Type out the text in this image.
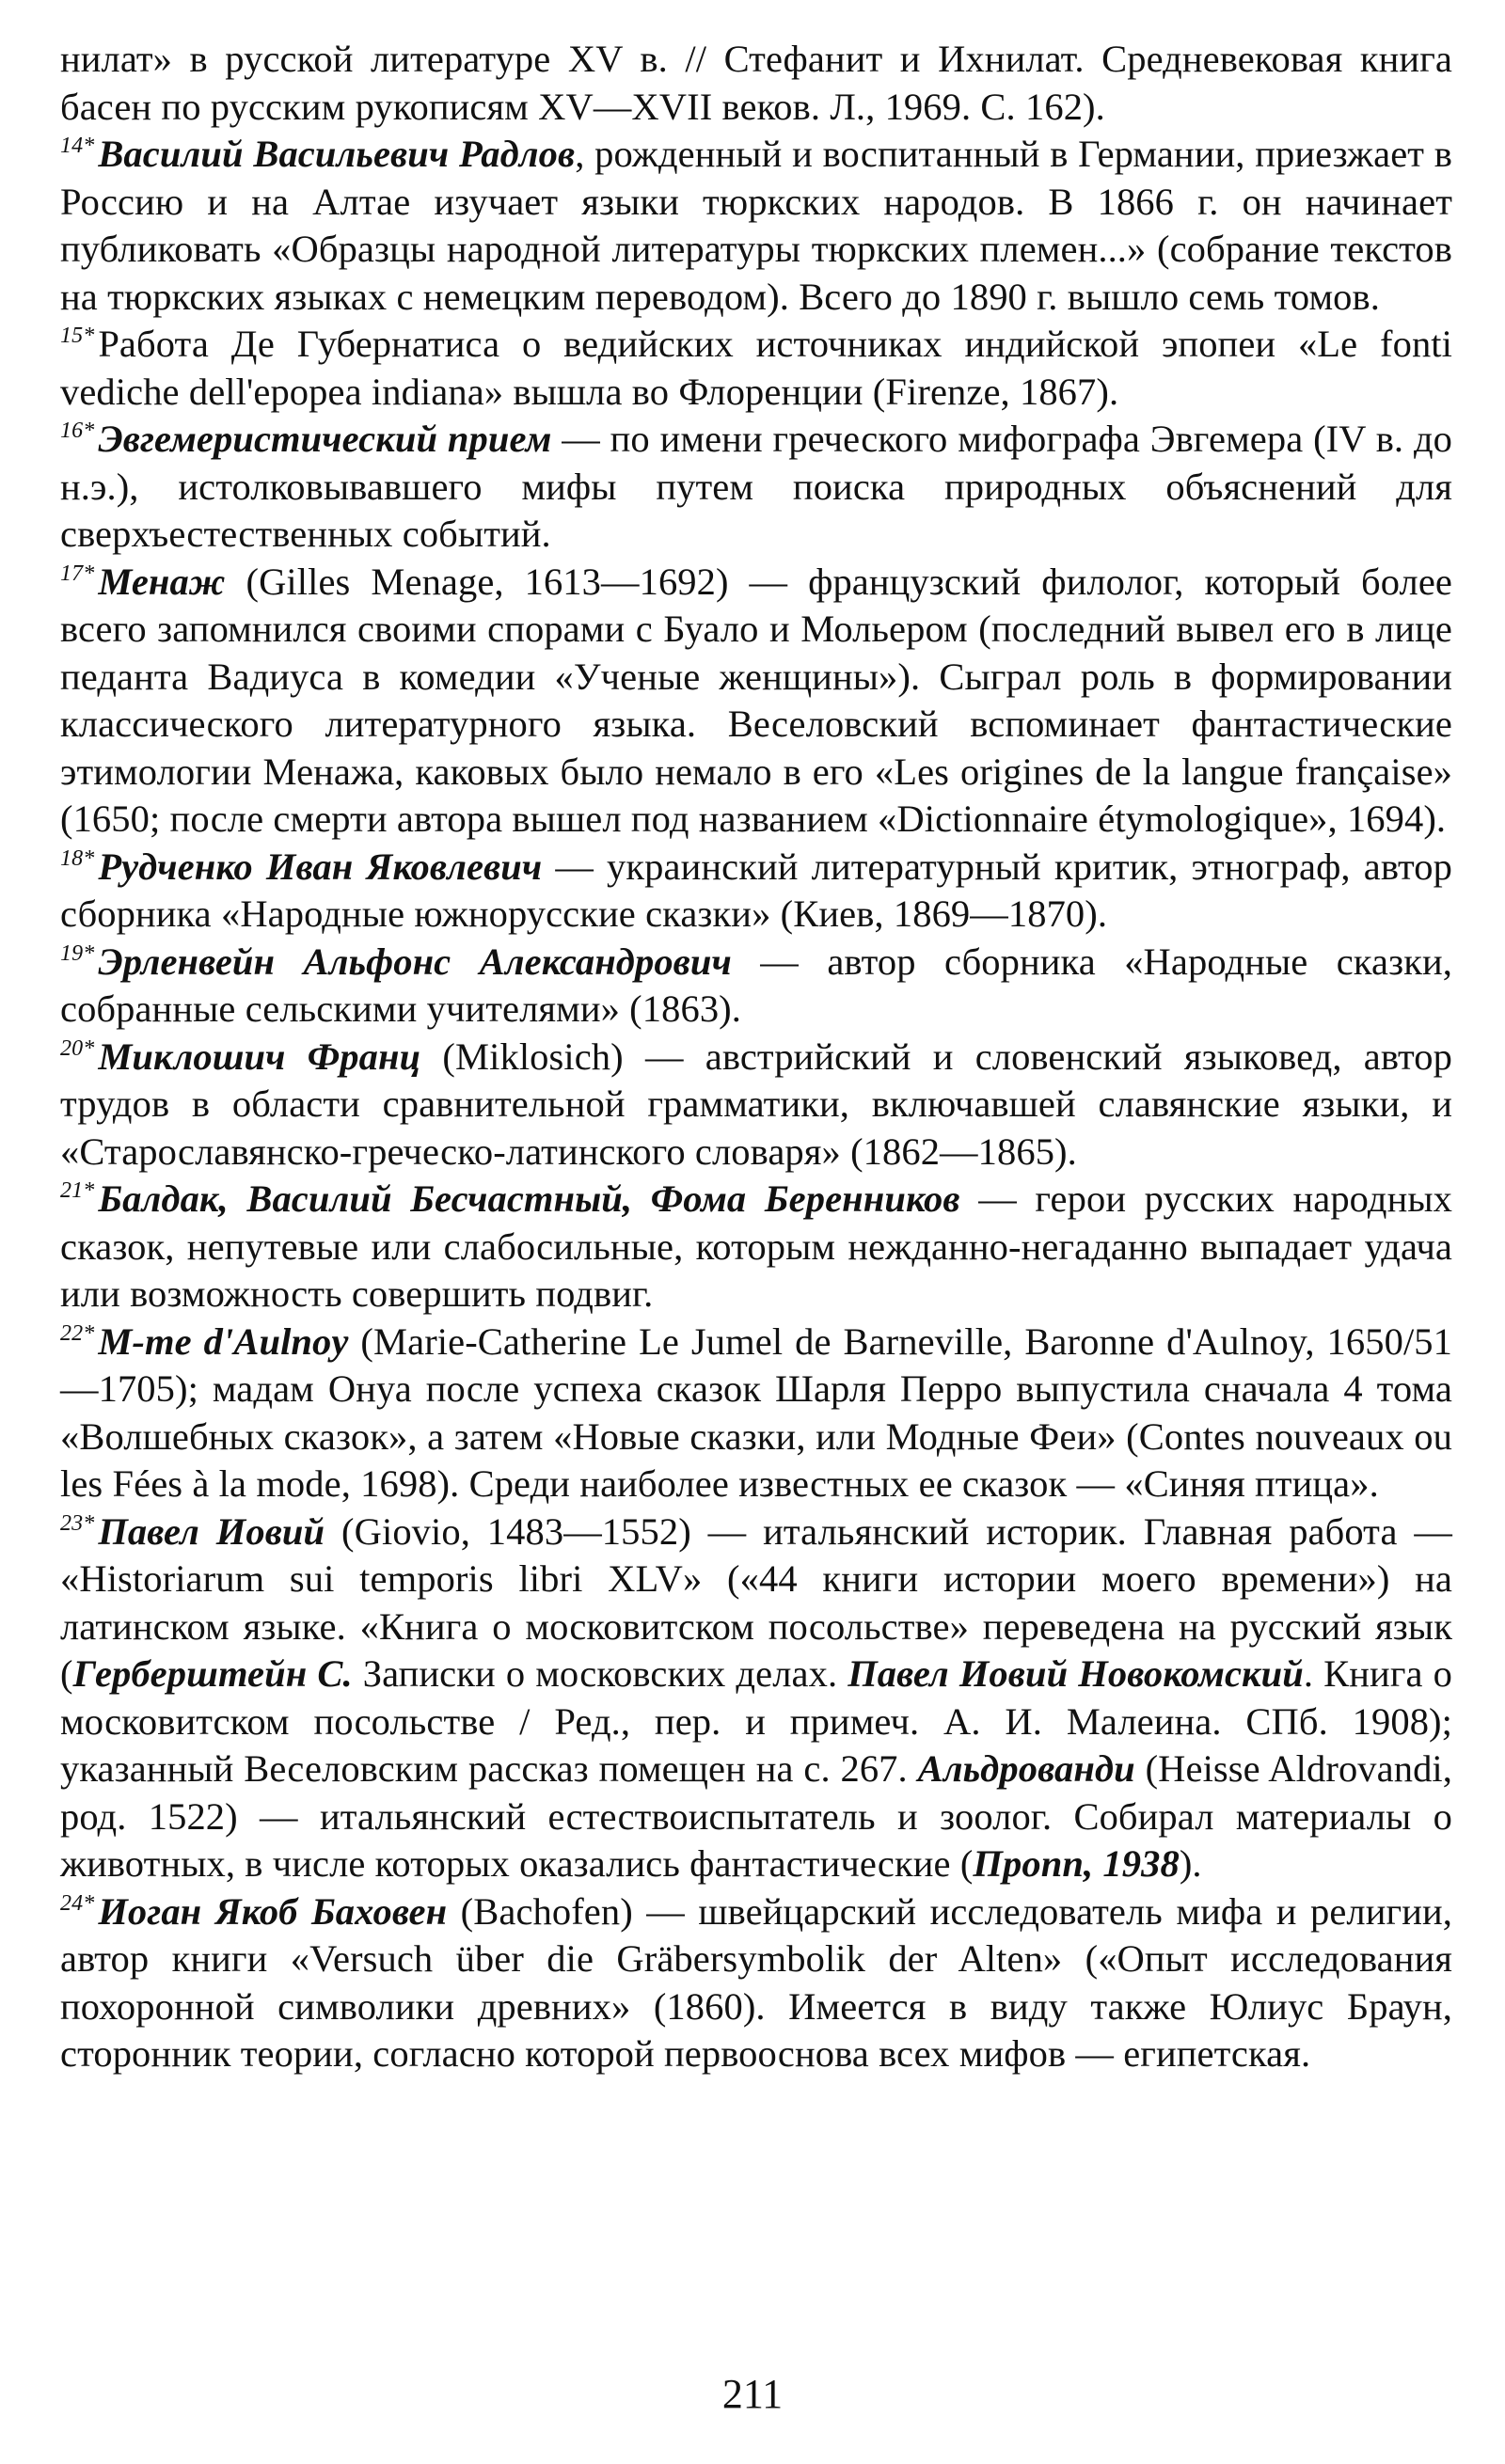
нилат» в русской литературе XV в. // Стефанит и Ихнилат. Средневековая книга басен по русским рукописям XV—XVII веков. Л., 1969. С. 162).

$^{14*}$Василий Васильевич Радлов, рожденный и воспитанный в Германии, приезжает в Россию и на Алтае изучает языки тюркских народов. В 1866 г. он начинает публиковать «Образцы народной литературы тюркских племен...» (собрание текстов на тюркских языках с немецким переводом). Всего до 1890 г. вышло семь томов.

$^{15*}$Работа Де Губернатиса о ведийских источниках индийской эпопеи «Le fonti vediche dell'epopea indiana» вышла во Флоренции (Firenze, 1867).

$^{16*}$Эвгемеристический прием — по имени греческого мифографа Эвгемера (IV в. до н.э.), истолковывавшего мифы путем поиска природных объяснений для сверхъестественных событий.

$^{17*}$Менаж (Gilles Menage, 1613—1692) — французский филолог, который более всего запомнился своими спорами с Буало и Мольером (последний вывел его в лице педанта Вадиуса в комедии «Ученые женщины»). Сыграл роль в формировании классического литературного языка. Веселовский вспоминает фантастические этимологии Менажа, каковых было немало в его «Les origines de la langue française» (1650; после смерти автора вышел под названием «Dictionnaire étymologique», 1694).

$^{18*}$Рудченко Иван Яковлевич — украинский литературный критик, этнограф, автор сборника «Народные южнорусские сказки» (Киев, 1869—1870).

$^{19*}$Эрленвейн Альфонс Александрович — автор сборника «Народные сказки, собранные сельскими учителями» (1863).

$^{20*}$Миклошич Франц (Miklosich) — австрийский и словенский языковед, автор трудов в области сравнительной грамматики, включавшей славянские языки, и «Старославянско-греческо-латинского словаря» (1862—1865).

$^{21*}$Балдак, Василий Бесчастный, Фома Беренников — герои русских народных сказок, непутевые или слабосильные, которым нежданно-негаданно выпадает удача или возможность совершить подвиг.

$^{22*}$M-me d'Aulnoy (Marie-Catherine Le Jumel de Barneville, Baronne d'Aulnoy, 1650/51—1705); мадам Онуа после успеха сказок Шарля Перро выпустила сначала 4 тома «Волшебных сказок», а затем «Новые сказки, или Модные Феи» (Contes nouveaux ou les Fées à la mode, 1698). Среди наиболее известных ее сказок — «Синяя птица».

$^{23*}$Павел Иовий (Giovio, 1483—1552) — итальянский историк. Главная работа — «Historiarum sui temporis libri XLV» («44 книги истории моего времени») на латинском языке. «Книга о московитском посольстве» переведена на русский язык (Герберштейн С. Записки о московских делах. Павел Иовий Новокомский. Книга о московитском посольстве / Ред., пер. и примеч. А. И. Малеина. СПб. 1908); указанный Веселовским рассказ помещен на с. 267. Альдрованди (Heisse Aldrovandi, род. 1522) — итальянский естествоиспытатель и зоолог. Собирал материалы о животных, в числе которых оказались фантастические (Пропп, 1938).

$^{24*}$Иоган Якоб Баховен (Bachofen) — швейцарский исследователь мифа и религии, автор книги «Versuch über die Gräbersymbolik der Alten» («Опыт исследования похоронной символики древних» (1860). Имеется в виду также Юлиус Браун, сторонник теории, согласно которой первооснова всех мифов — египетская.

211
